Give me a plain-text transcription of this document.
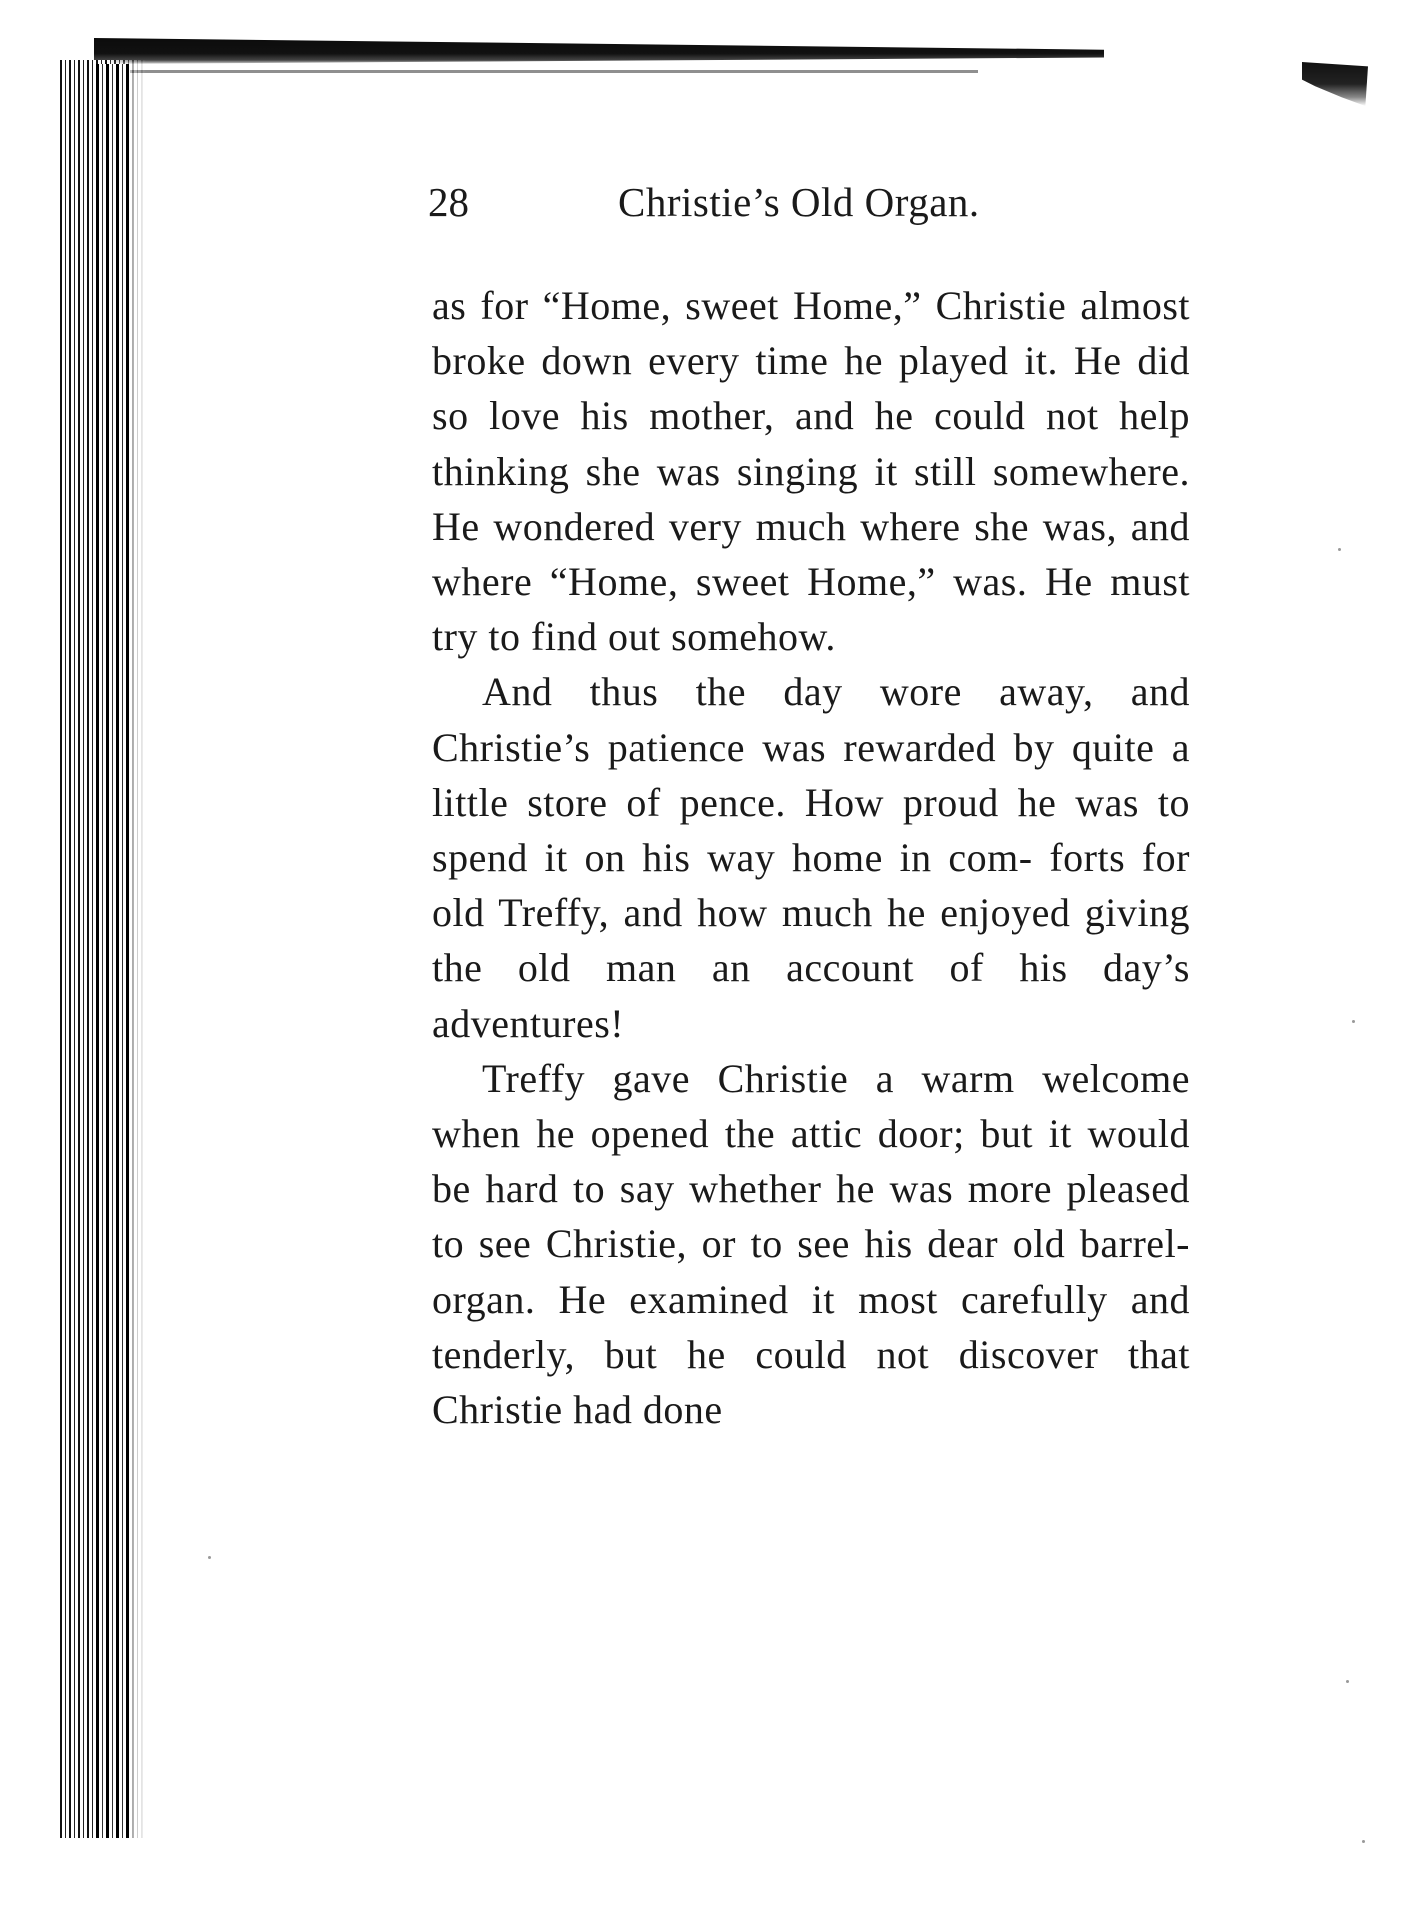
28	Christie’s Old Organ.

as for “Home, sweet Home,” Christie almost broke down every time he played it. He did so love his mother, and he could not help thinking she was singing it still somewhere. He wondered very much where she was, and where “Home, sweet Home,” was. He must try to find out somehow.

And thus the day wore away, and Christie’s patience was rewarded by quite a little store of pence. How proud he was to spend it on his way home in com- forts for old Treffy, and how much he enjoyed giving the old man an account of his day’s adventures!

Treffy gave Christie a warm welcome when he opened the attic door; but it would be hard to say whether he was more pleased to see Christie, or to see his dear old barrel-organ. He examined it most carefully and tenderly, but he could not discover that Christie had done
